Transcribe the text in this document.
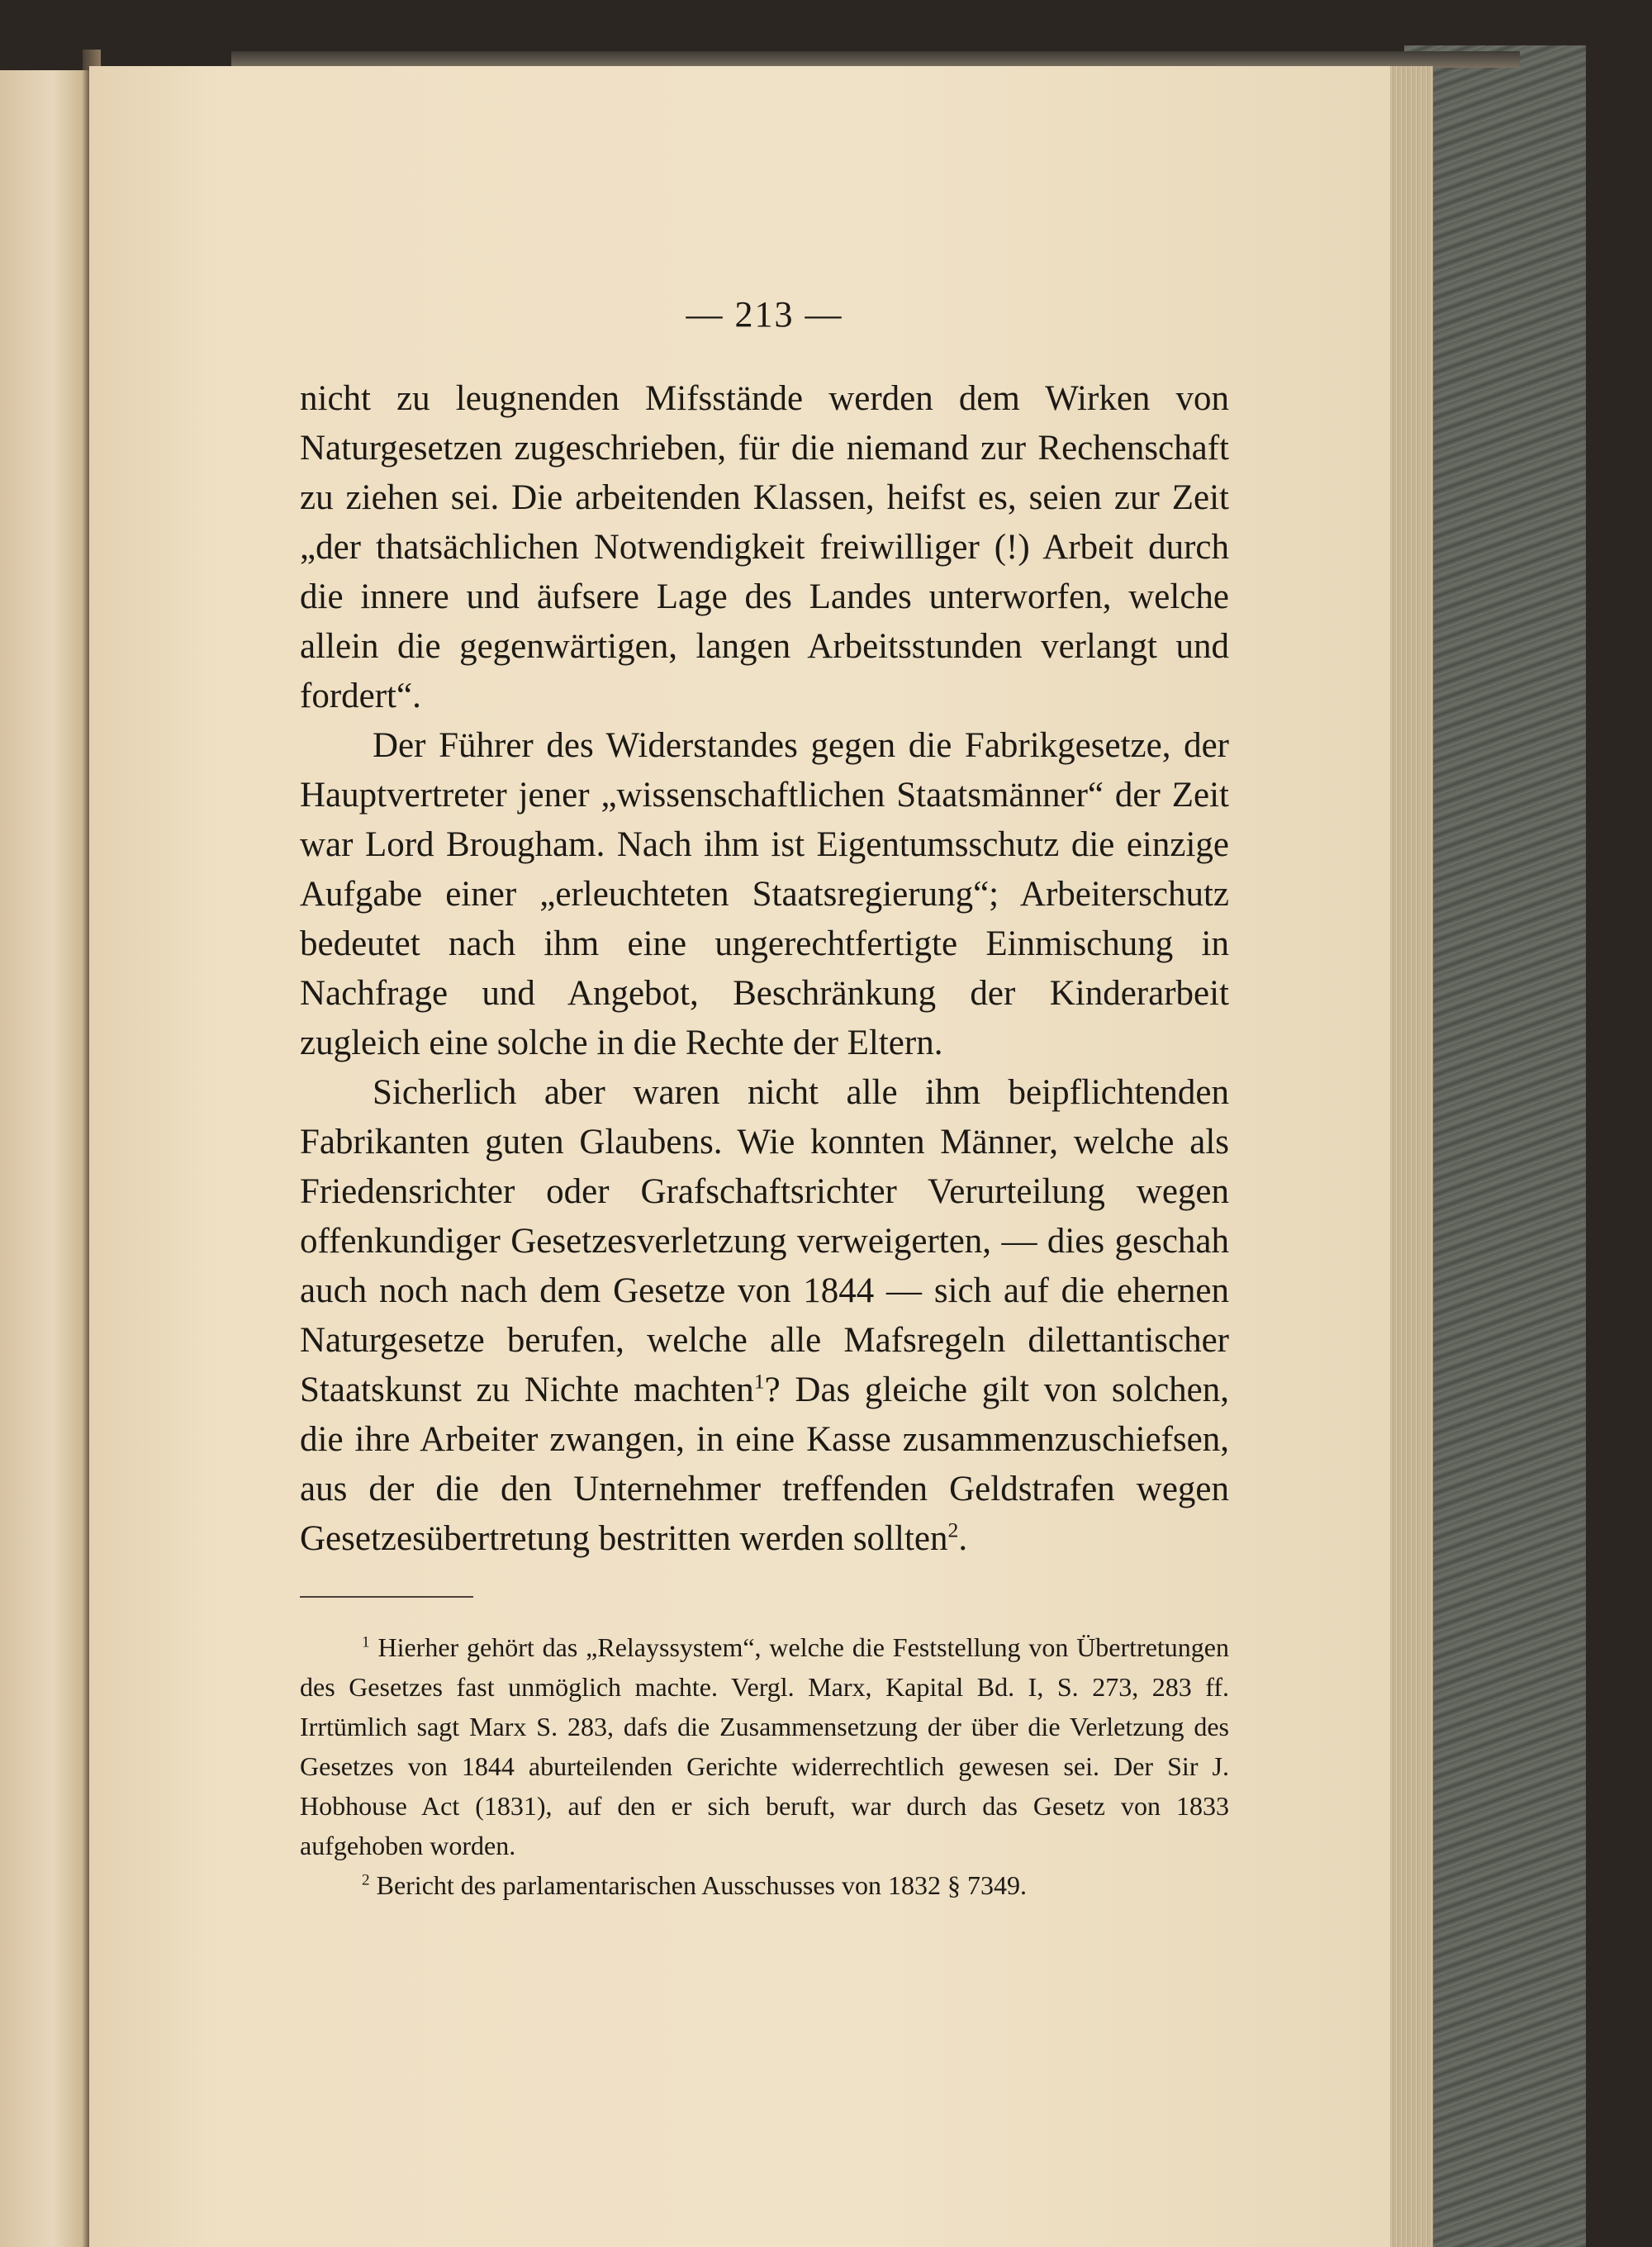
— 213 —

nicht zu leugnenden Mifsstände werden dem Wirken von Naturgesetzen zugeschrieben, für die niemand zur Rechenschaft zu ziehen sei. Die arbeitenden Klassen, heifst es, seien zur Zeit „der thatsächlichen Notwendigkeit freiwilliger (!) Arbeit durch die innere und äufsere Lage des Landes unterworfen, welche allein die gegenwärtigen, langen Arbeitsstunden verlangt und fordert“.

Der Führer des Widerstandes gegen die Fabrikgesetze, der Hauptvertreter jener „wissenschaftlichen Staatsmänner“ der Zeit war Lord Brougham. Nach ihm ist Eigentumsschutz die einzige Aufgabe einer „erleuchteten Staatsregierung“; Arbeiterschutz bedeutet nach ihm eine ungerechtfertigte Einmischung in Nachfrage und Angebot, Beschränkung der Kinderarbeit zugleich eine solche in die Rechte der Eltern.

Sicherlich aber waren nicht alle ihm beipflichtenden Fabrikanten guten Glaubens. Wie konnten Männer, welche als Friedensrichter oder Grafschaftsrichter Verurteilung wegen offenkundiger Gesetzesverletzung verweigerten, — dies geschah auch noch nach dem Gesetze von 1844 — sich auf die ehernen Naturgesetze berufen, welche alle Mafsregeln dilettantischer Staatskunst zu Nichte machten$^1$? Das gleiche gilt von solchen, die ihre Arbeiter zwangen, in eine Kasse zusammenzuschiefsen, aus der die den Unternehmer treffenden Geldstrafen wegen Gesetzesübertretung bestritten werden sollten$^2$.

$^1$ Hierher gehört das „Relayssystem“, welche die Feststellung von Übertretungen des Gesetzes fast unmöglich machte. Vergl. Marx, Kapital Bd. I, S. 273, 283 ff. Irrtümlich sagt Marx S. 283, dafs die Zusammensetzung der über die Verletzung des Gesetzes von 1844 aburteilenden Gerichte widerrechtlich gewesen sei. Der Sir J. Hobhouse Act (1831), auf den er sich beruft, war durch das Gesetz von 1833 aufgehoben worden.

$^2$ Bericht des parlamentarischen Ausschusses von 1832 § 7349.
